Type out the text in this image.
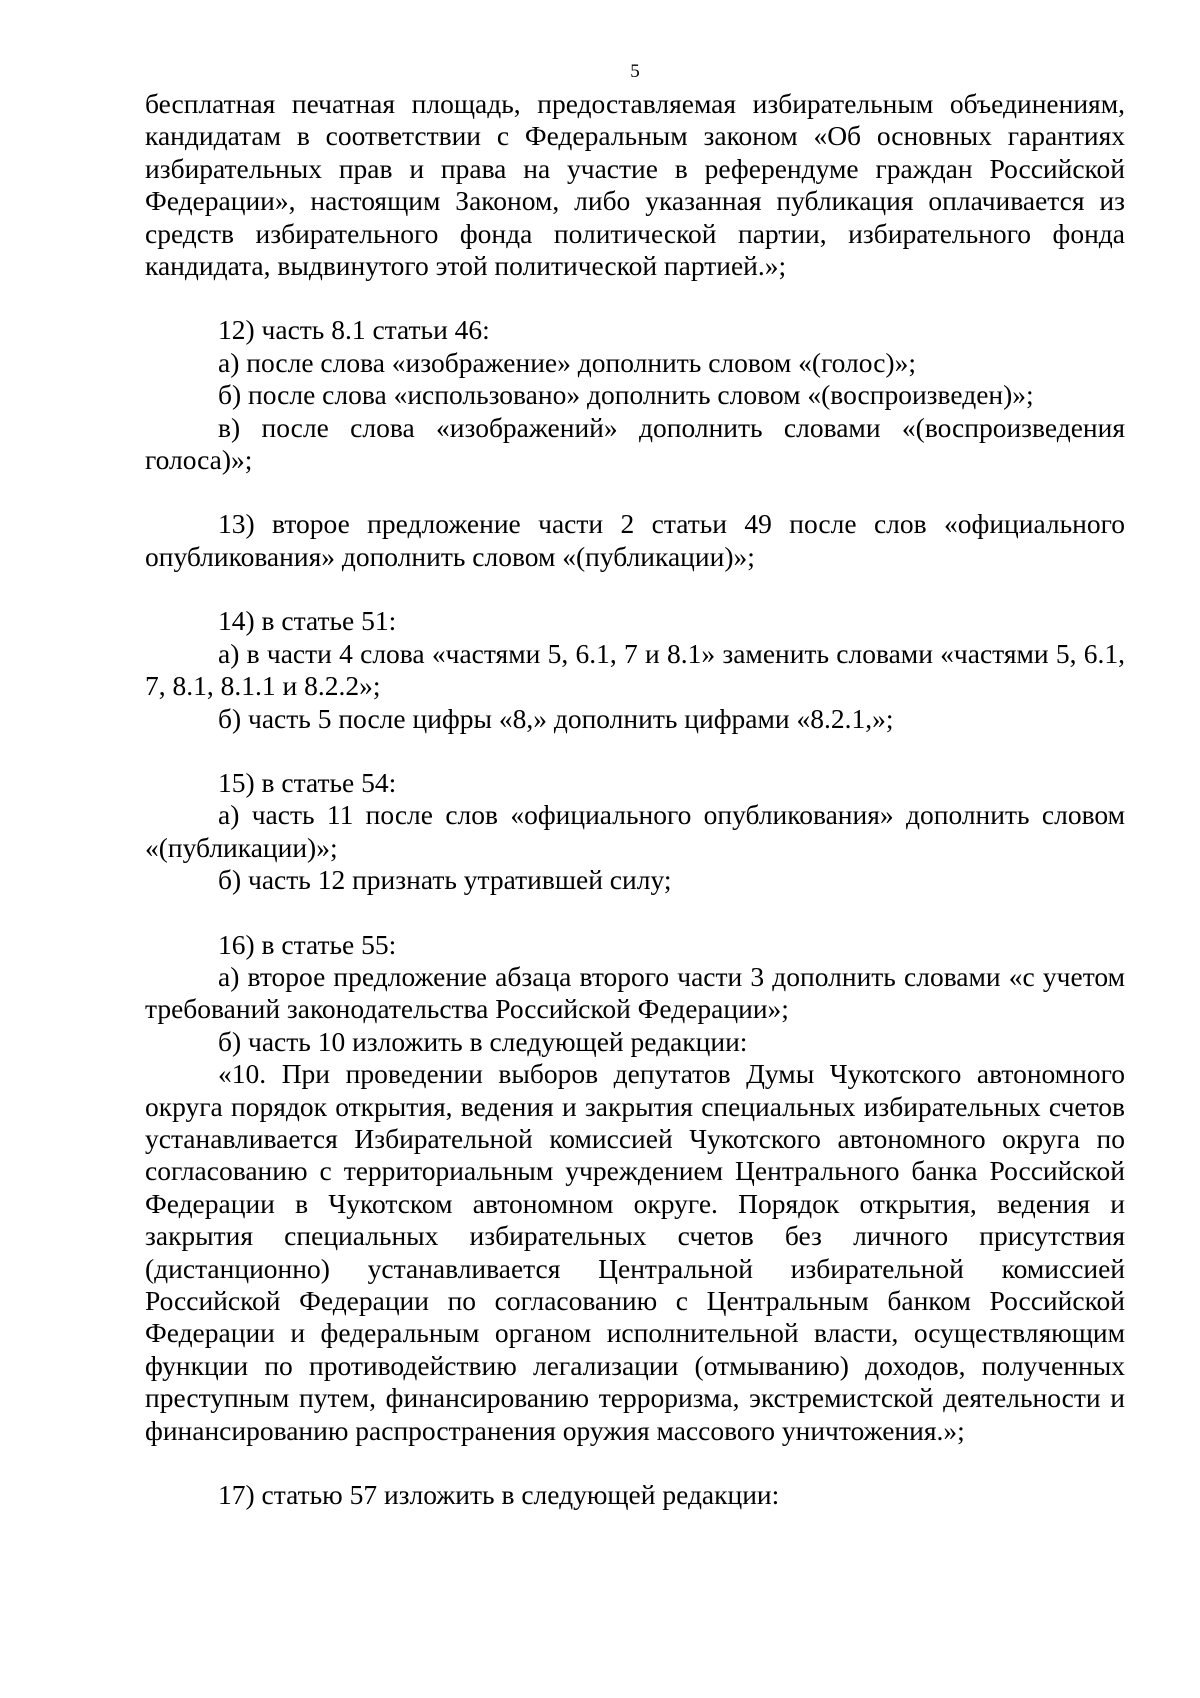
5

бесплатная печатная площадь, предоставляемая избирательным объединениям, кандидатам в соответствии с Федеральным законом «Об основных гарантиях избирательных прав и права на участие в референдуме граждан Российской Федерации», настоящим Законом, либо указанная публикация оплачивается из средств избирательного фонда политической партии, избирательного фонда кандидата, выдвинутого этой политической партией.»;

12) часть 8.1 статьи 46:

а) после слова «изображение» дополнить словом «(голос)»;

б) после слова «использовано» дополнить словом «(воспроизведен)»;

в) после слова «изображений» дополнить словами «(воспроизведения голоса)»;

13) второе предложение части 2 статьи 49 после слов «официального опубликования» дополнить словом «(публикации)»;

14) в статье 51:

а) в части 4 слова «частями 5, 6.1, 7 и 8.1» заменить словами «частями 5, 6.1, 7, 8.1, 8.1.1 и 8.2.2»;

б) часть 5 после цифры «8,» дополнить цифрами «8.2.1,»;

15) в статье 54:

а) часть 11 после слов «официального опубликования» дополнить словом «(публикации)»;

б) часть 12 признать утратившей силу;

16) в статье 55:

а) второе предложение абзаца второго части 3 дополнить словами «с учетом требований законодательства Российской Федерации»;

б) часть 10 изложить в следующей редакции:

«10. При проведении выборов депутатов Думы Чукотского автономного округа порядок открытия, ведения и закрытия специальных избирательных счетов устанавливается Избирательной комиссией Чукотского автономного округа по согласованию с территориальным учреждением Центрального банка Российской Федерации в Чукотском автономном округе. Порядок открытия, ведения и закрытия специальных избирательных счетов без личного присутствия (дистанционно) устанавливается Центральной избирательной комиссией Российской Федерации по согласованию с Центральным банком Российской Федерации и федеральным органом исполнительной власти, осуществляющим функции по противодействию легализации (отмыванию) доходов, полученных преступным путем, финансированию терроризма, экстремистской деятельности и финансированию распространения оружия массового уничтожения.»;

17) статью 57 изложить в следующей редакции:
